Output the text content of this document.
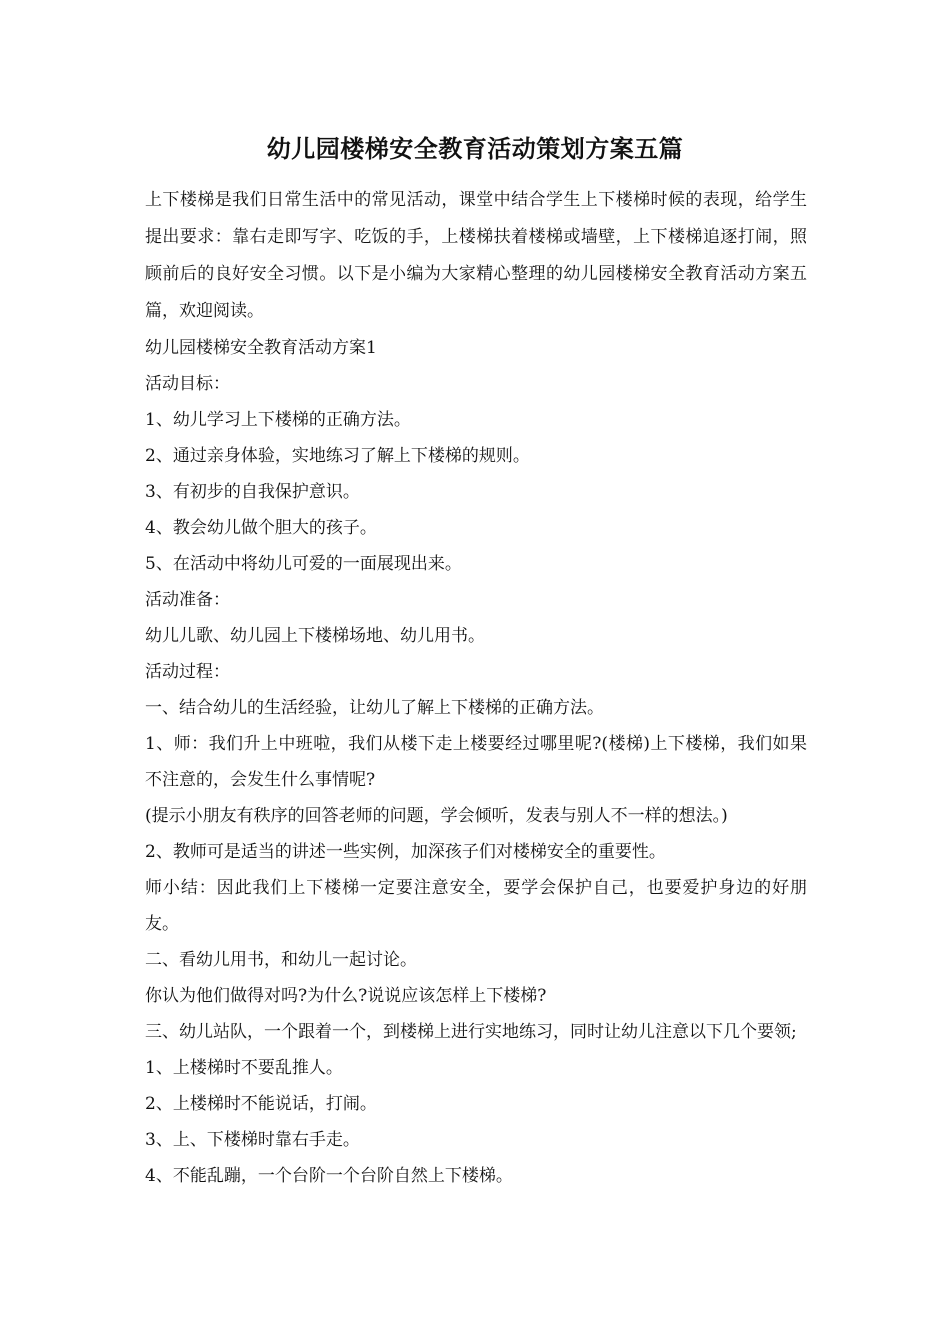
幼儿园楼梯安全教育活动策划方案五篇

上下楼梯是我们日常生活中的常见活动，课堂中结合学生上下楼梯时候的表现，给学生提出要求：靠右走即写字、吃饭的手，上楼梯扶着楼梯或墙壁，上下楼梯追逐打闹，照顾前后的良好安全习惯。以下是小编为大家精心整理的幼儿园楼梯安全教育活动方案五篇，欢迎阅读。

幼儿园楼梯安全教育活动方案1

活动目标：

1、幼儿学习上下楼梯的正确方法。

2、通过亲身体验，实地练习了解上下楼梯的规则。

3、有初步的自我保护意识。

4、教会幼儿做个胆大的孩子。

5、在活动中将幼儿可爱的一面展现出来。

活动准备：

幼儿儿歌、幼儿园上下楼梯场地、幼儿用书。

活动过程：

一、结合幼儿的生活经验，让幼儿了解上下楼梯的正确方法。

1、师：我们升上中班啦，我们从楼下走上楼要经过哪里呢?(楼梯)上下楼梯，我们如果不注意的，会发生什么事情呢?

(提示小朋友有秩序的回答老师的问题，学会倾听，发表与别人不一样的想法。)

2、教师可是适当的讲述一些实例，加深孩子们对楼梯安全的重要性。

师小结：因此我们上下楼梯一定要注意安全，要学会保护自己，也要爱护身边的好朋友。

二、看幼儿用书，和幼儿一起讨论。

你认为他们做得对吗?为什么?说说应该怎样上下楼梯?

三、幼儿站队，一个跟着一个，到楼梯上进行实地练习，同时让幼儿注意以下几个要领;

1、上楼梯时不要乱推人。

2、上楼梯时不能说话，打闹。

3、上、下楼梯时靠右手走。

4、不能乱蹦，一个台阶一个台阶自然上下楼梯。
